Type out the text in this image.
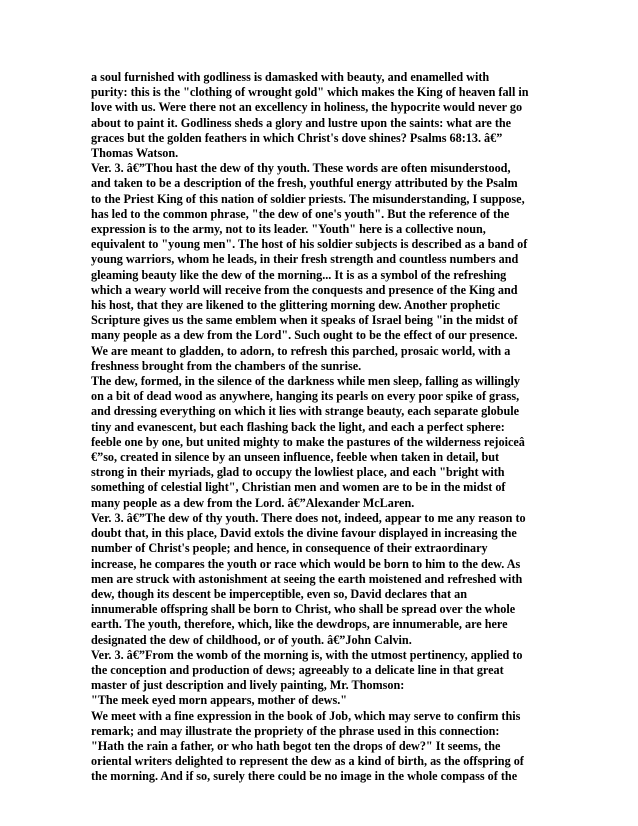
a soul furnished with godliness is damasked with beauty, and enamelled with
purity: this is the "clothing of wrought gold" which makes the King of heaven fall in
love with us. Were there not an excellency in holiness, the hypocrite would never go
about to paint it. Godliness sheds a glory and lustre upon the saints: what are the
graces but the golden feathers in which Christ's dove shines? Psalms 68:13. â€”
Thomas Watson.
Ver. 3. â€”Thou hast the dew of thy youth. These words are often misunderstood,
and taken to be a description of the fresh, youthful energy attributed by the Psalm
to the Priest King of this nation of soldier priests. The misunderstanding, I suppose,
has led to the common phrase, "the dew of one's youth". But the reference of the
expression is to the army, not to its leader. "Youth" here is a collective noun,
equivalent to "young men". The host of his soldier subjects is described as a band of
young warriors, whom he leads, in their fresh strength and countless numbers and
gleaming beauty like the dew of the morning... It is as a symbol of the refreshing
which a weary world will receive from the conquests and presence of the King and
his host, that they are likened to the glittering morning dew. Another prophetic
Scripture gives us the same emblem when it speaks of Israel being "in the midst of
many people as a dew from the Lord". Such ought to be the effect of our presence.
We are meant to gladden, to adorn, to refresh this parched, prosaic world, with a
freshness brought from the chambers of the sunrise.
The dew, formed, in the silence of the darkness while men sleep, falling as willingly
on a bit of dead wood as anywhere, hanging its pearls on every poor spike of grass,
and dressing everything on which it lies with strange beauty, each separate globule
tiny and evanescent, but each flashing back the light, and each a perfect sphere:
feeble one by one, but united mighty to make the pastures of the wilderness rejoiceâ
€”so, created in silence by an unseen influence, feeble when taken in detail, but
strong in their myriads, glad to occupy the lowliest place, and each "bright with
something of celestial light", Christian men and women are to be in the midst of
many people as a dew from the Lord. â€”Alexander McLaren.
Ver. 3. â€”The dew of thy youth. There does not, indeed, appear to me any reason to
doubt that, in this place, David extols the divine favour displayed in increasing the
number of Christ's people; and hence, in consequence of their extraordinary
increase, he compares the youth or race which would be born to him to the dew. As
men are struck with astonishment at seeing the earth moistened and refreshed with
dew, though its descent be imperceptible, even so, David declares that an
innumerable offspring shall be born to Christ, who shall be spread over the whole
earth. The youth, therefore, which, like the dewdrops, are innumerable, are here
designated the dew of childhood, or of youth. â€”John Calvin.
Ver. 3. â€”From the womb of the morning is, with the utmost pertinency, applied to
the conception and production of dews; agreeably to a delicate line in that great
master of just description and lively painting, Mr. Thomson:
"The meek eyed morn appears, mother of dews."
We meet with a fine expression in the book of Job, which may serve to confirm this
remark; and may illustrate the propriety of the phrase used in this connection:
"Hath the rain a father, or who hath begot ten the drops of dew?" It seems, the
oriental writers delighted to represent the dew as a kind of birth, as the offspring of
the morning. And if so, surely there could be no image in the whole compass of the
